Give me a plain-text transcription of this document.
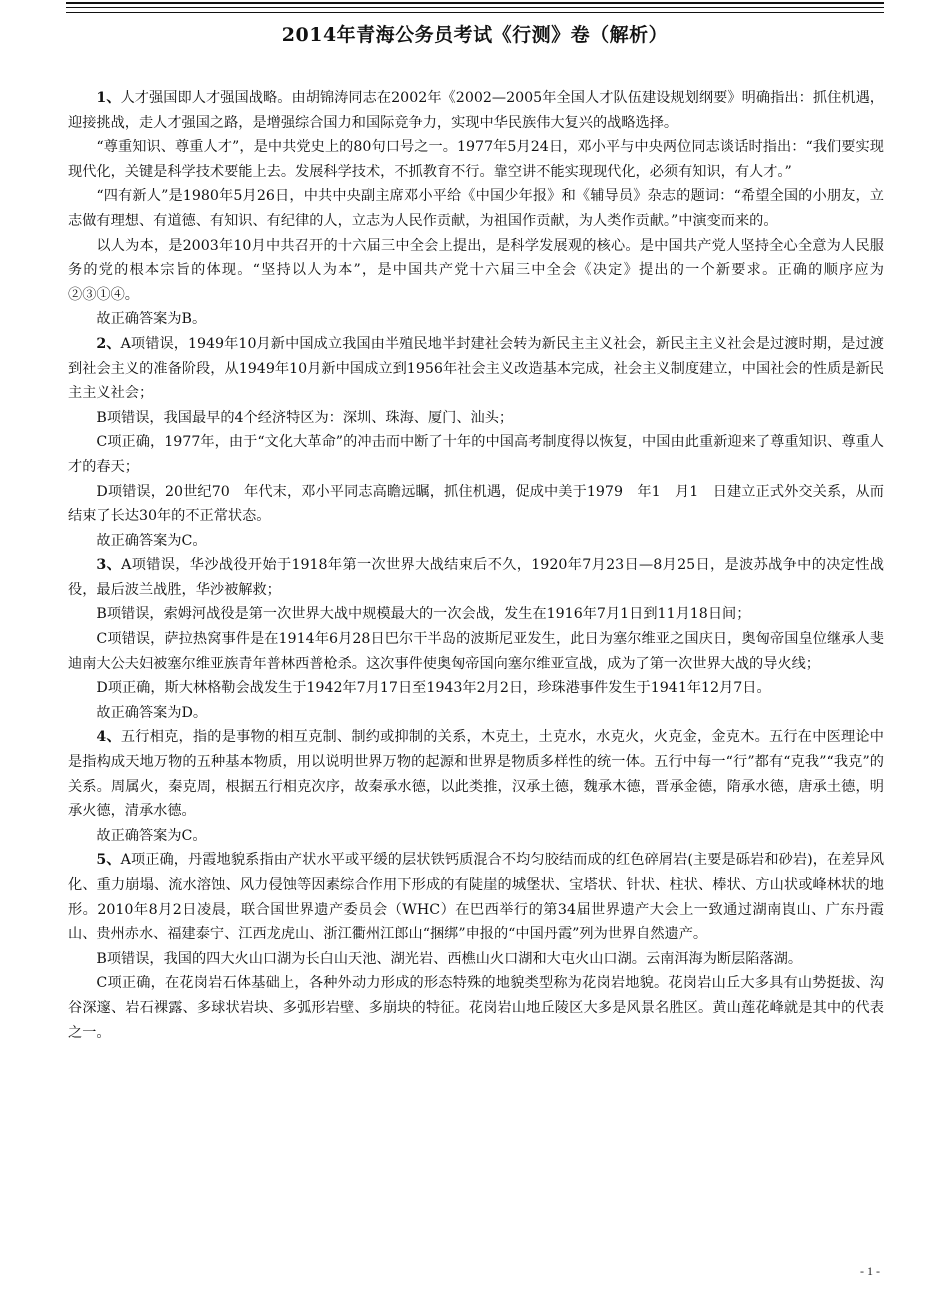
2014年青海公务员考试《行测》卷（解析）

1、人才强国即人才强国战略。由胡锦涛同志在2002年《2002—2005年全国人才队伍建设规划纲要》明确指出：抓住机遇，迎接挑战，走人才强国之路，是增强综合国力和国际竞争力，实现中华民族伟大复兴的战略选择。

“尊重知识、尊重人才”，是中共党史上的80句口号之一。1977年5月24日，邓小平与中央两位同志谈话时指出：“我们要实现现代化，关键是科学技术要能上去。发展科学技术，不抓教育不行。靠空讲不能实现现代化，必须有知识，有人才。”

“四有新人”是1980年5月26日，中共中央副主席邓小平给《中国少年报》和《辅导员》杂志的题词：“希望全国的小朋友，立志做有理想、有道德、有知识、有纪律的人，立志为人民作贡献，为祖国作贡献，为人类作贡献。”中演变而来的。

以人为本，是2003年10月中共召开的十六届三中全会上提出，是科学发展观的核心。是中国共产党人坚持全心全意为人民服务的党的根本宗旨的体现。“坚持以人为本”，是中国共产党十六届三中全会《决定》提出的一个新要求。正确的顺序应为②③①④。

故正确答案为B。

2、A项错误，1949年10月新中国成立我国由半殖民地半封建社会转为新民主主义社会，新民主主义社会是过渡时期，是过渡到社会主义的准备阶段，从1949年10月新中国成立到1956年社会主义改造基本完成，社会主义制度建立，中国社会的性质是新民主主义社会；

B项错误，我国最早的4个经济特区为：深圳、珠海、厦门、汕头；

C项正确，1977年，由于“文化大革命”的冲击而中断了十年的中国高考制度得以恢复，中国由此重新迎来了尊重知识、尊重人才的春天；

D项错误，20世纪70　年代末，邓小平同志高瞻远瞩，抓住机遇，促成中美于1979　年1　月1　日建立正式外交关系，从而结束了长达30年的不正常状态。

故正确答案为C。

3、A项错误，华沙战役开始于1918年第一次世界大战结束后不久，1920年7月23日—8月25日，是波苏战争中的决定性战役，最后波兰战胜，华沙被解救；

B项错误，索姆河战役是第一次世界大战中规模最大的一次会战，发生在1916年7月1日到11月18日间；

C项错误，萨拉热窝事件是在1914年6月28日巴尔干半岛的波斯尼亚发生，此日为塞尔维亚之国庆日，奥匈帝国皇位继承人斐迪南大公夫妇被塞尔维亚族青年普林西普枪杀。这次事件使奥匈帝国向塞尔维亚宣战，成为了第一次世界大战的导火线；

D项正确，斯大林格勒会战发生于1942年7月17日至1943年2月2日，珍珠港事件发生于1941年12月7日。

故正确答案为D。

4、五行相克，指的是事物的相互克制、制约或抑制的关系，木克土，土克水，水克火，火克金，金克木。五行在中医理论中是指构成天地万物的五种基本物质，用以说明世界万物的起源和世界是物质多样性的统一体。五行中每一“行”都有“克我”“我克”的关系。周属火，秦克周，根据五行相克次序，故秦承水德，以此类推，汉承土德，魏承木德，晋承金德，隋承水德，唐承土德，明承火德，清承水德。

故正确答案为C。

5、A项正确，丹霞地貌系指由产状水平或平缓的层状铁钙质混合不均匀胶结而成的红色碎屑岩(主要是砾岩和砂岩)，在差异风化、重力崩塌、流水溶蚀、风力侵蚀等因素综合作用下形成的有陡崖的城堡状、宝塔状、针状、柱状、棒状、方山状或峰林状的地形。2010年8月2日凌晨，联合国世界遗产委员会（WHC）在巴西举行的第34届世界遗产大会上一致通过湖南崀山、广东丹霞山、贵州赤水、福建泰宁、江西龙虎山、浙江衢州江郎山“捆绑”申报的“中国丹霞”列为世界自然遗产。

B项错误，我国的四大火山口湖为长白山天池、湖光岩、西樵山火口湖和大屯火山口湖。云南洱海为断层陷落湖。

C项正确，在花岗岩石体基础上，各种外动力形成的形态特殊的地貌类型称为花岗岩地貌。花岗岩山丘大多具有山势挺拔、沟谷深邃、岩石裸露、多球状岩块、多弧形岩壁、多崩块的特征。花岗岩山地丘陵区大多是风景名胜区。黄山莲花峰就是其中的代表之一。

- 1 -
